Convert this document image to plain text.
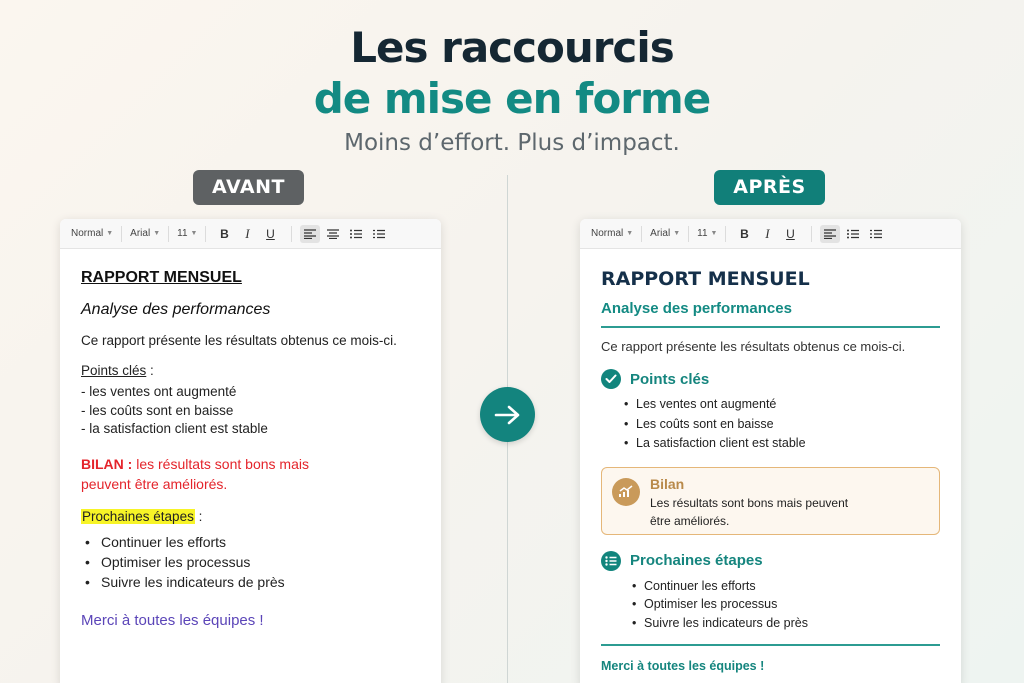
Les raccourcis
de mise en forme
Moins d’effort. Plus d’impact.
AVANT	APRÈS
Normal ▼ Arial ▼ 11 ▼	B	I	U
RAPPORT MENSUEL
Analyse des performances
Ce rapport présente les résultats obtenus ce mois-ci.
Points clés :
- les ventes ont augmenté
- les coûts sont en baisse
- la satisfaction client est stable
BILAN : les résultats sont bons mais peuvent être améliorés.
Prochaines étapes :
• Continuer les efforts
• Optimiser les processus
• Suivre les indicateurs de près
Merci à toutes les équipes !
Normal ▼ Arial ▼ 11 ▼	B	I	U
RAPPORT MENSUEL
Analyse des performances
Ce rapport présente les résultats obtenus ce mois-ci.
Points clés
• Les ventes ont augmenté
• Les coûts sont en baisse
• La satisfaction client est stable
Bilan
Les résultats sont bons mais peuvent être améliorés.
Prochaines étapes
• Continuer les efforts
• Optimiser les processus
• Suivre les indicateurs de près
Merci à toutes les équipes !
